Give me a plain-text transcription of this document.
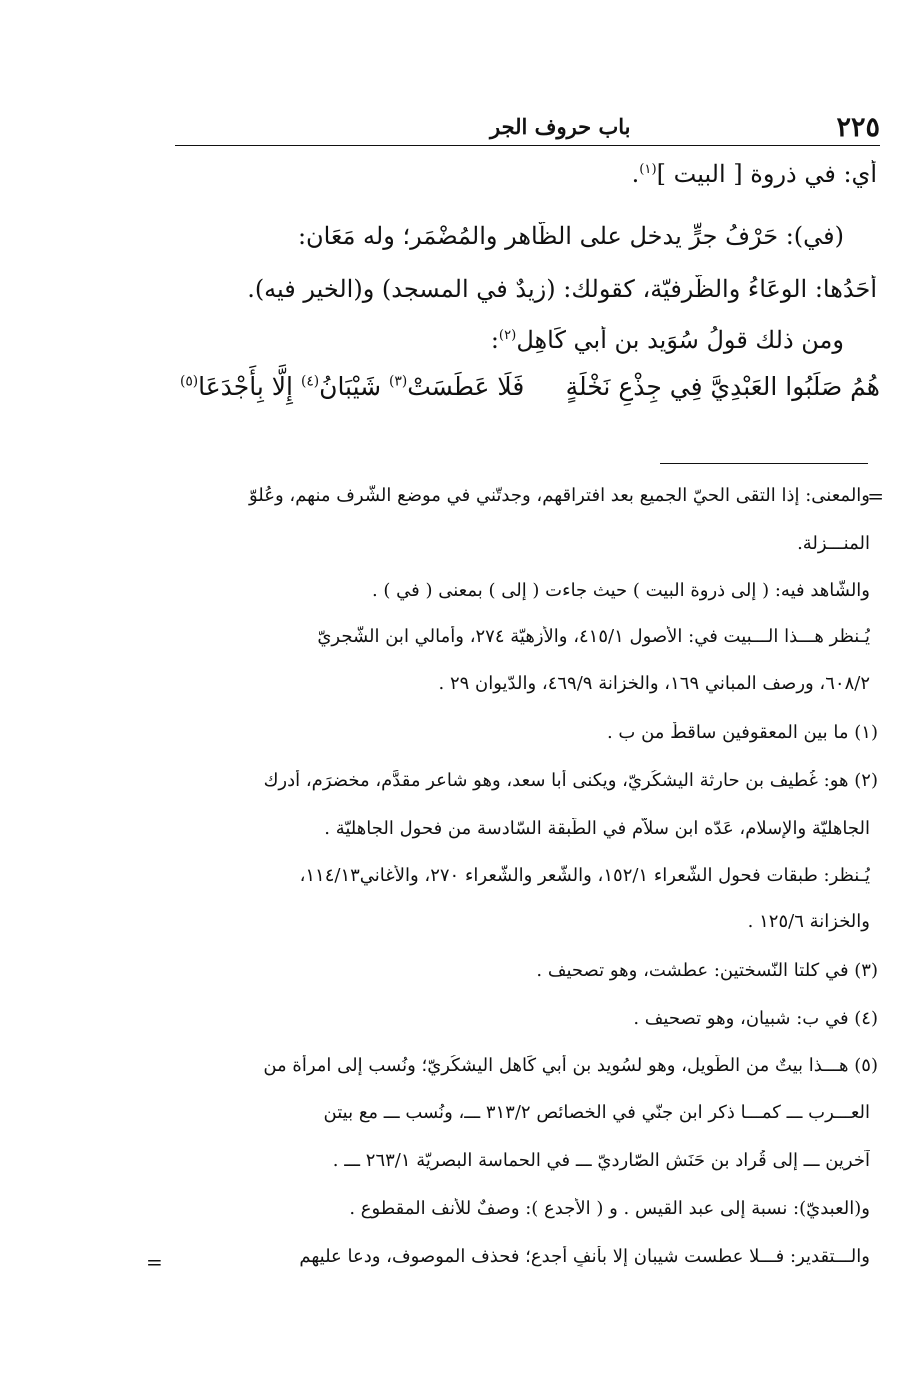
٢٢٥
باب حروف الجر
أي: في ذروة [ البيت ]$^{(١)}$.
(في): حَرْفُ جرٍّ يدخل على الظّاهر والمُضْمَر؛ وله مَعَان:
أَحَدُها: الوِعَاءُ والظّرفيّة، كقولك: (زيدٌ في المسجد) و(الخير فيه).
ومن ذلك قولُ سُوَيد بن أبي كَاهِل$^{(٢)}$:
هُمُ صَلَبُوا العَبْدِيَّ فِي جِذْعِ نَخْلَةٍ
فَلَا عَطَسَتْ$^{(٣)}$ شَيْبَانُ$^{(٤)}$ إِلَّا بِأَجْدَعَا$^{(٥)}$
=
والمعنى: إذا التقى الحيّ الجميع بعد افتراقهم، وجدتّني في موضع الشّرف منهم، وعُلوّ
المنـــزلة.
والشّاهد فيه: ( إلى ذروة البيت ) حيث جاءت ( إلى ) بمعنى ( في ) .
يُـنظر هـــذا الـــبيت في: الأصول ٤١٥/١، والأزهيّة ٢٧٤، وأمالي ابن الشّجريّ
٦٠٨/٢، ورصف المباني ١٦٩، والخزانة ٤٦٩/٩، والدّيوان ٢٩ .
(١) ما بين المعقوفين ساقطٌ من ب .
(٢) هو: غُطيف بن حارثة اليشكُريّ، ويكنى أبا سعد، وهو شاعر مقدَّم، مخضرَم، أدرك
الجاهليّة والإسلام، عَدّه ابن سلاّم في الطّبقة السّادسة من فحول الجاهليّة .
يُـنظر: طبقات فحول الشّعراء ١٥٢/١، والشّعر والشّعراء ٢٧٠، والأغاني١١٤/١٣،
والخزانة ١٢٥/٦ .
(٣) في كلتا النّسختين: عطشت، وهو تصحيف .
(٤) في ب: شبيان، وهو تصحيف .
(٥) هـــذا بيتٌ من الطّويل، وهو لسُويد بن أبي كَاهل اليشكُريّ؛ ونُسب إلى امرأة من
العـــرب ـــ كمـــا ذكر ابن جنّي في الخصائص ٣١٣/٢ ـــ، ونُسب ـــ مع بيتن
آخرين ـــ إلى قُراد بن حَنَش الصّارديّ ـــ في الحماسة البصريّة ٢٦٣/١ ـــ .
و(العبديّ): نسبة إلى عبد القيس . و ( الأجدع ): وصفٌ للأنف المقطوع .
والـــتقدير: فـــلا عطست شيبان إلا بأنفٍ أجدع؛ فحذف الموصوف، ودعا عليهم
=
